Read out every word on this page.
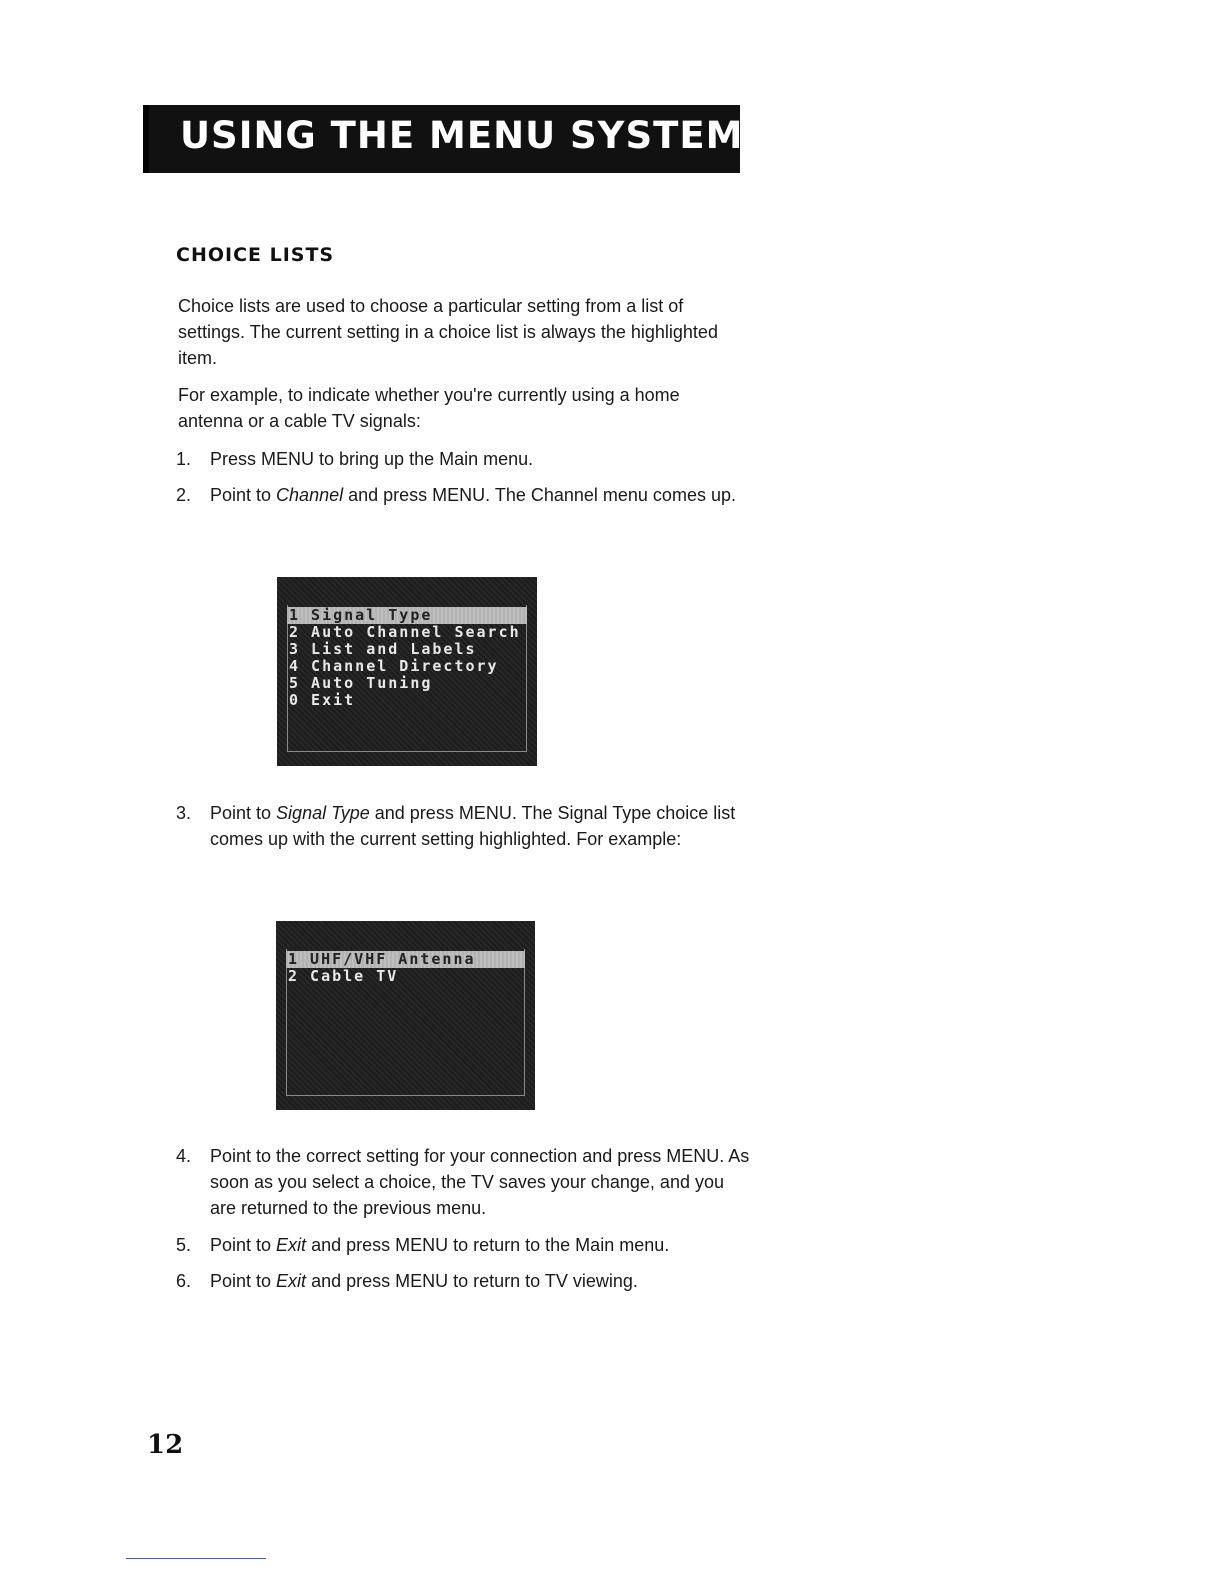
USING THE MENU SYSTEM
CHOICE LISTS

Choice lists are used to choose a particular setting from a list of settings. The current setting in a choice list is always the highlighted item.

For example, to indicate whether you're currently using a home antenna or a cable TV signals:

1. Press MENU to bring up the Main menu.
2. Point to Channel and press MENU. The Channel menu comes up.
1 Signal Type
2 Auto Channel Search
3 List and Labels
4 Channel Directory
5 Auto Tuning
0 Exit
3. Point to Signal Type and press MENU. The Signal Type choice list comes up with the current setting highlighted. For example:
1 UHF/VHF Antenna
2 Cable TV
4. Point to the correct setting for your connection and press MENU. As soon as you select a choice, the TV saves your change, and you are returned to the previous menu.
5. Point to Exit and press MENU to return to the Main menu.
6. Point to Exit and press MENU to return to TV viewing.
12
